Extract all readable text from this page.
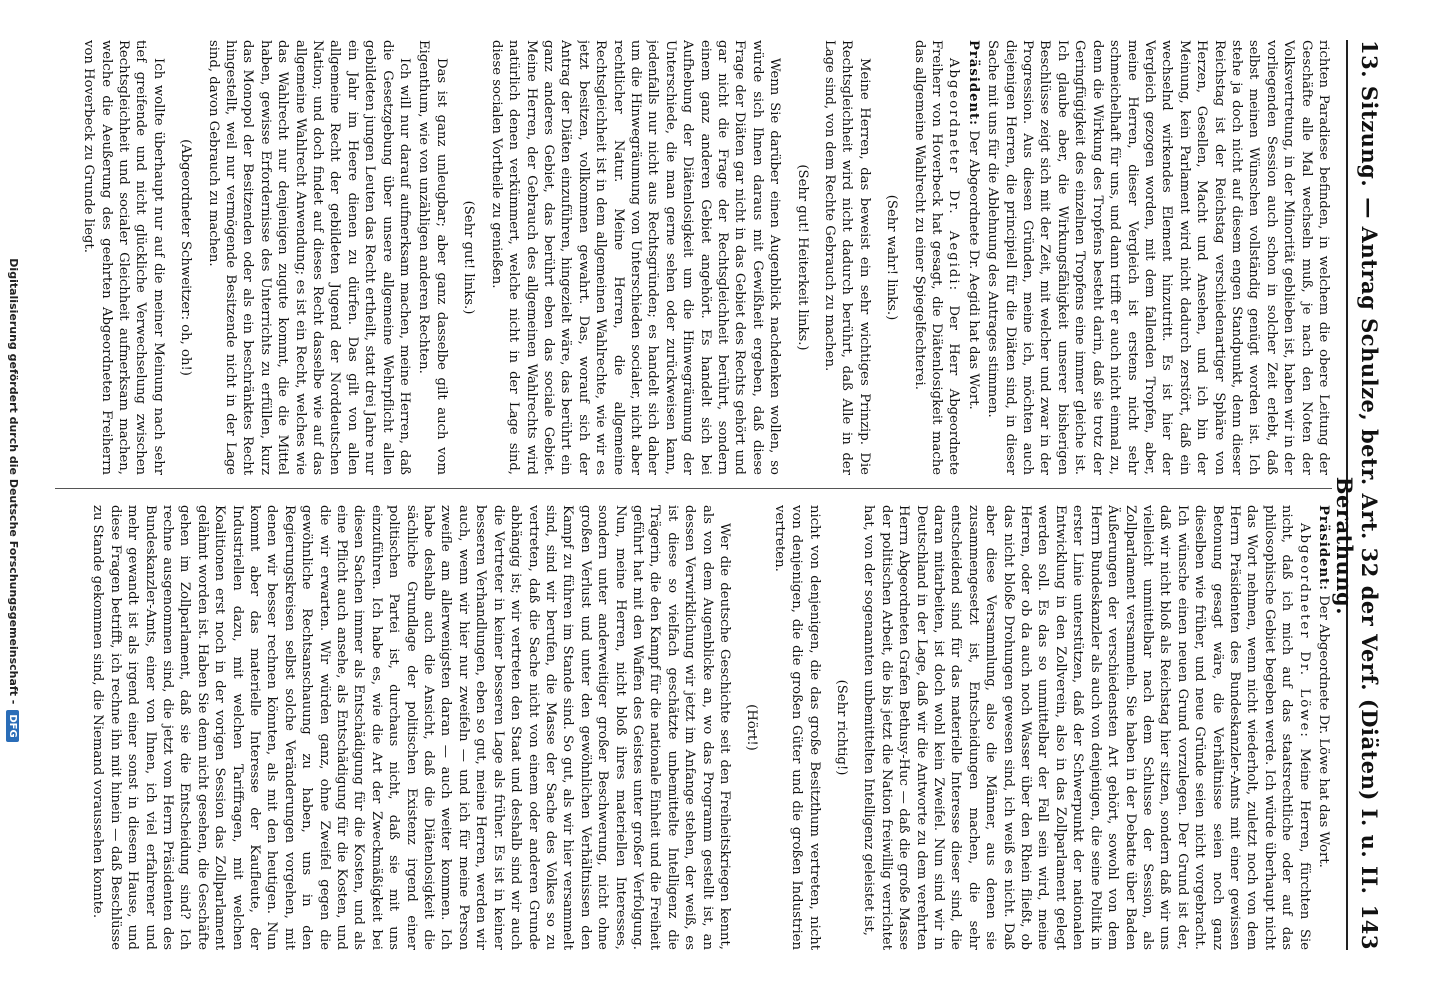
13. Sitzung.
— Antrag Schulze, betr. Art. 32 der Verf. (Diäten) I. u. II. Berathung.
143

richten Paradiese befinden, in welchem die obere Leitung der Geschäfte alle Mal wechseln muß, je nach den Noten der Volksvertretung, in der Minorität geblieben ist, haben wir in der vorliegenden Session auch schon in solcher Zeit erlebt, daß selbst meinen Wünschen vollständig genügt worden ist. Ich stehe ja doch nicht auf diesem engen Standpunkt, denn dieser Reichstag ist der Reichstag verschiedenartiger Sphäre von Herzen, Gesellen, Macht und Ansehen, und ich bin der Meinung, kein Parlament wird nicht dadurch zerstört, daß ein wechselnd wirkendes Element hinzutritt. Es ist hier der Vergleich gezogen worden, mit dem fallenden Tropfen, aber, meine Herren, dieser Vergleich ist erstens nicht sehr schmeichelhaft für uns, und dann trifft er auch nicht einmal zu, denn die Wirkung des Tropfens besteht darin, daß sie trotz der Geringfügigkeit des einzelnen Tropfens eine immer gleiche ist. Ich glaube aber, die Wirkungsfähigkeit unserer bisherigen Beschlüsse zeigt sich mit der Zeit, mit welcher und zwar in der Progression. Aus diesen Gründen, meine ich, möchten auch diejenigen Herren, die principiell für die Diäten sind, in dieser Sache mit uns für die Ablehnung des Antrages stimmen.

Präsident: Der Abgeordnete Dr. Aegidi hat das Wort.

Abgeordneter Dr. Aegidi: Der Herr Abgeordnete Freiherr von Hoverbeck hat gesagt, die Diätenlosigkeit mache das allgemeine Wahlrecht zu einer Spiegelfechterei.

(Sehr wahr! links.)

Meine Herren, das beweist ein sehr wichtiges Prinzip. Die Rechtsgleichheit wird nicht dadurch berührt, daß Alle in der Lage sind, von dem Rechte Gebrauch zu machen.

(Sehr gut! Heiterkeit links.)

Wenn Sie darüber einen Augenblick nachdenken wollen, so würde sich Ihnen daraus mit Gewißheit ergeben, daß diese Frage der Diäten gar nicht in das Gebiet des Rechts gehört und gar nicht die Frage der Rechtsgleichheit berührt, sondern einem ganz anderen Gebiet angehört. Es handelt sich bei Aufhebung der Diätenlosigkeit um die Hinwegräumung der Unterschiede, die man gerne sehen oder zurückweisen kann, jedenfalls nur nicht aus Rechtsgründen; es handelt sich daher um die Hinwegräumung von Unterschieden socialer, nicht aber rechtlicher Natur. Meine Herren, die allgemeine Rechtsgleichheit ist in dem allgemeinen Wahlrechte, wie wir es jetzt besitzen, vollkommen gewahrt. Das, worauf sich der Antrag der Diäten einzuführen, hingezielt wäre, das berührt ein ganz anderes Gebiet, das berührt eben das sociale Gebiet. Meine Herren, der Gebrauch des allgemeinen Wahlrechts wird natürlich denen verkümmert, welche nicht in der Lage sind, diese socialen Vortheile zu genießen.

(Sehr gut! links.)

Das ist ganz unleugbar; aber ganz dasselbe gilt auch vom Eigenthum, wie von unzähligen anderen Rechten.

Ich will nur darauf aufmerksam machen, meine Herren, daß die Gesetzgebung über unsere allgemeine Wehrpflicht allen gebildeten jungen Leuten das Recht ertheilt, statt drei Jahre nur ein Jahr im Heere dienen zu dürfen. Das gilt von allen allgemeine Recht der gebildeten Jugend der Norddeutschen Nation; und doch findet auf dieses Recht dasselbe wie auf das allgemeine Wahlrecht Anwendung; es ist ein Recht, welches wie das Wahlrecht nur denjenigen zugute kommt, die die Mittel haben, gewisse Erfordernisse des Unterrichts zu erfüllen, kurz das Monopol der Besitzenden oder als ein beschränktes Recht hingestellt, weil nur vermögende Besitzende nicht in der Lage sind, davon Gebrauch zu machen.

(Abgeordneter Schweitzer: oh, oh!)

Ich wollte überhaupt nur auf die meiner Meinung nach sehr tief greifende und nicht glückliche Verwechselung zwischen Rechtsgleichheit und socialer Gleichheit aufmerksam machen, welche die Aeußerung des geehrten Abgeordneten Freiherrn von Hoverbeck zu Grunde liegt.

Präsident: Der Abgeordnete Dr. Löwe hat das Wort.

Abgeordneter Dr. Löwe: Meine Herren, fürchten Sie nicht, daß ich mich auf das staatsrechtliche oder auf das philosophische Gebiet begeben werde. Ich würde überhaupt nicht das Wort nehmen, wenn nicht wiederholt, zuletzt noch von dem Herrn Präsidenten des Bundeskanzler-Amts mit einer gewissen Betonung gesagt wäre, die Verhältnisse seien noch ganz dieselben wie früher, und neue Gründe seien nicht vorgebracht. Ich wünsche einen neuen Grund vorzulegen. Der Grund ist der, daß wir nicht bloß als Reichstag hier sitzen, sondern daß wir uns vielleicht unmittelbar nach dem Schlusse der Session, als Zollparlament versammeln. Sie haben in der Debatte über Baden Äußerungen der verschiedensten Art gehört, sowohl von dem Herrn Bundeskanzler als auch von denjenigen, die seine Politik in erster Linie unterstützen, daß der Schwerpunkt der nationalen Entwicklung in den Zollverein, also in das Zollparlament gelegt werden soll. Es das so unmittelbar der Fall sein wird, meine Herren, oder ob da auch noch Wasser über den Rhein fließt, ob das nicht bloße Drohungen gewesen sind, ich weiß es nicht. Daß aber diese Versammlung, also die Männer, aus denen sie zusammengesetzt ist, Entscheidungen machen, die sehr entscheidend sind für das materielle Interesse dieser sind, die daran mitarbeiten, ist doch wohl kein Zweifel. Nun sind wir in Deutschland in der Lage, daß wir die Antworte zu dem verehrten Herrn Abgeordneten Grafen Bethusy-Huc — daß die große Masse der politischen Arbeit, die bis jetzt die Nation freiwillig verrichtet hat, von der sogenannten unbemittelten Intelligenz geleistet ist,

(Sehr richtig!)

nicht von denjenigen, die das große Besitzthum vertreten, nicht von denjenigen, die die großen Güter und die großen Industrien vertreten.

(Hört!)

Wer die deutsche Geschichte seit den Freiheitskriegen kennt, als von dem Augenblicke an, wo das Programm gestellt ist, an dessen Verwirklichung wir jetzt im Anfange stehen, der weiß, es ist diese so vielfach geschätzte unbemittelte Intelligenz die Trägerin, die den Kampf für die nationale Einheit und die Freiheit geführt hat mit den Waffen des Geistes unter großer Verfolgung. Nun, meine Herren, nicht bloß ihres materiellen Interesses, sondern unter anderweitiger großer Beschwerung, nicht ohne großen Verlust und unter den gewöhnlichen Verhältnissen den Kampf zu führen im Stande sind. So gut, als wir hier versammelt sind, sind wir berufen, die Masse der Sache des Volkes so zu vertreten, daß die Sache nicht von einem oder anderen Grunde abhängig ist; wir vertreten den Staat und deshalb sind wir auch die Vertreter in keiner besseren Lage als früher. Es ist in keiner besseren Verhandlungen, eben so gut, meine Herren, werden wir auch, wenn wir hier nur zweifeln — und ich für meine Person zweifle am allerwenigsten daran — auch weiter kommen. Ich habe deshalb auch die Ansicht, daß die Diätenlosigkeit die sächliche Grundlage der politischen Existenz irgend einer politischen Partei ist, durchaus nicht, daß sie mit uns einzuführen. Ich habe es, wie die Art der Zweckmäßigkeit bei diesen Sachen immer als Entschädigung für die Kosten, und als eine Pflicht auch ansehe, als Entschädigung für die Kosten, und die wir erwarten. Wir würden ganz, ohne Zweifel gegen die gewöhnliche Rechtsanschauung zu haben, uns in den Regierungskreisen selbst solche Veränderungen vorgehen, mit denen wir besser rechnen könnten, als mit den heutigen. Nun kommt aber das materielle Interesse der Kaufleute, der Industriellen dazu, mit welchen Tariffragen, mit welchen Koalitionen erst noch in der vorigen Session das Zollparlament gelähmt worden ist. Haben Sie denn nicht gesehen, die Geschäfte gehen im Zollparlament, daß sie die Entscheidung sind? Ich rechne ausgenommen sind, die jetzt vom Herrn Präsidenten des Bundeskanzler-Amts, einer von Ihnen, ich viel erfahrener und mehr gewandt ist als irgend einer sonst in diesem Hause, und diese Fragen betrifft, ich rechne ihn mit hinein — daß Beschlüsse zu Stande gekommen sind, die Niemand voraussehen konnte.

Digitalisierung gefördert durch die Deutsche Forschungsgemeinschaft -DFG
